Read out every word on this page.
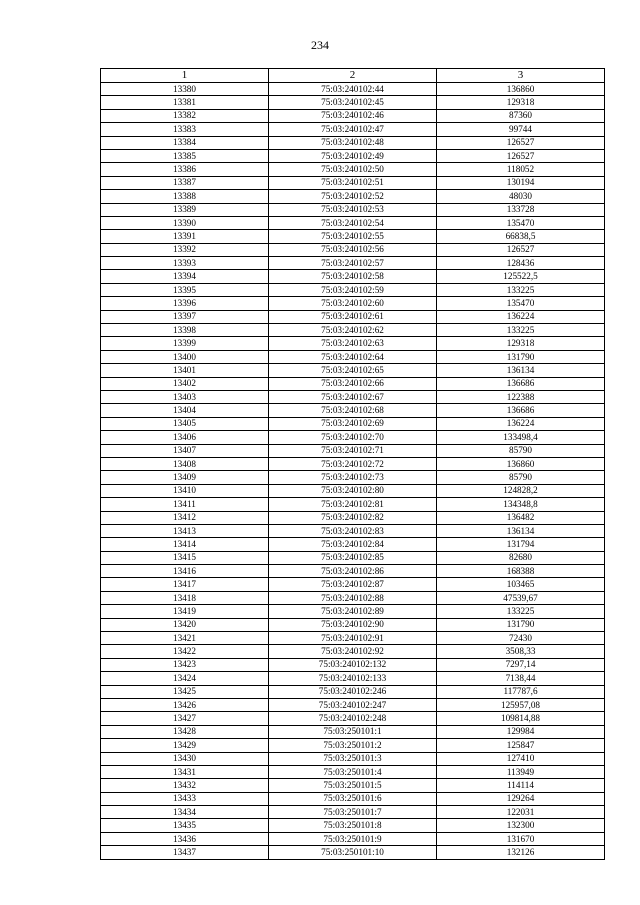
234
1	2	3
13380	75:03:240102:44	136860
13381	75:03:240102:45	129318
13382	75:03:240102:46	87360
13383	75:03:240102:47	99744
13384	75:03:240102:48	126527
13385	75:03:240102:49	126527
13386	75:03:240102:50	118052
13387	75:03:240102:51	130194
13388	75:03:240102:52	48030
13389	75:03:240102:53	133728
13390	75:03:240102:54	135470
13391	75:03:240102:55	66838,5
13392	75:03:240102:56	126527
13393	75:03:240102:57	128436
13394	75:03:240102:58	125522,5
13395	75:03:240102:59	133225
13396	75:03:240102:60	135470
13397	75:03:240102:61	136224
13398	75:03:240102:62	133225
13399	75:03:240102:63	129318
13400	75:03:240102:64	131790
13401	75:03:240102:65	136134
13402	75:03:240102:66	136686
13403	75:03:240102:67	122388
13404	75:03:240102:68	136686
13405	75:03:240102:69	136224
13406	75:03:240102:70	133498,4
13407	75:03:240102:71	85790
13408	75:03:240102:72	136860
13409	75:03:240102:73	85790
13410	75:03:240102:80	124828,2
13411	75:03:240102:81	134348,8
13412	75:03:240102:82	136482
13413	75:03:240102:83	136134
13414	75:03:240102:84	131794
13415	75:03:240102:85	82680
13416	75:03:240102:86	168388
13417	75:03:240102:87	103465
13418	75:03:240102:88	47539,67
13419	75:03:240102:89	133225
13420	75:03:240102:90	131790
13421	75:03:240102:91	72430
13422	75:03:240102:92	3508,33
13423	75:03:240102:132	7297,14
13424	75:03:240102:133	7138,44
13425	75:03:240102:246	117787,6
13426	75:03:240102:247	125957,08
13427	75:03:240102:248	109814,88
13428	75:03:250101:1	129984
13429	75:03:250101:2	125847
13430	75:03:250101:3	127410
13431	75:03:250101:4	113949
13432	75:03:250101:5	114114
13433	75:03:250101:6	129264
13434	75:03:250101:7	122031
13435	75:03:250101:8	132300
13436	75:03:250101:9	131670
13437	75:03:250101:10	132126
